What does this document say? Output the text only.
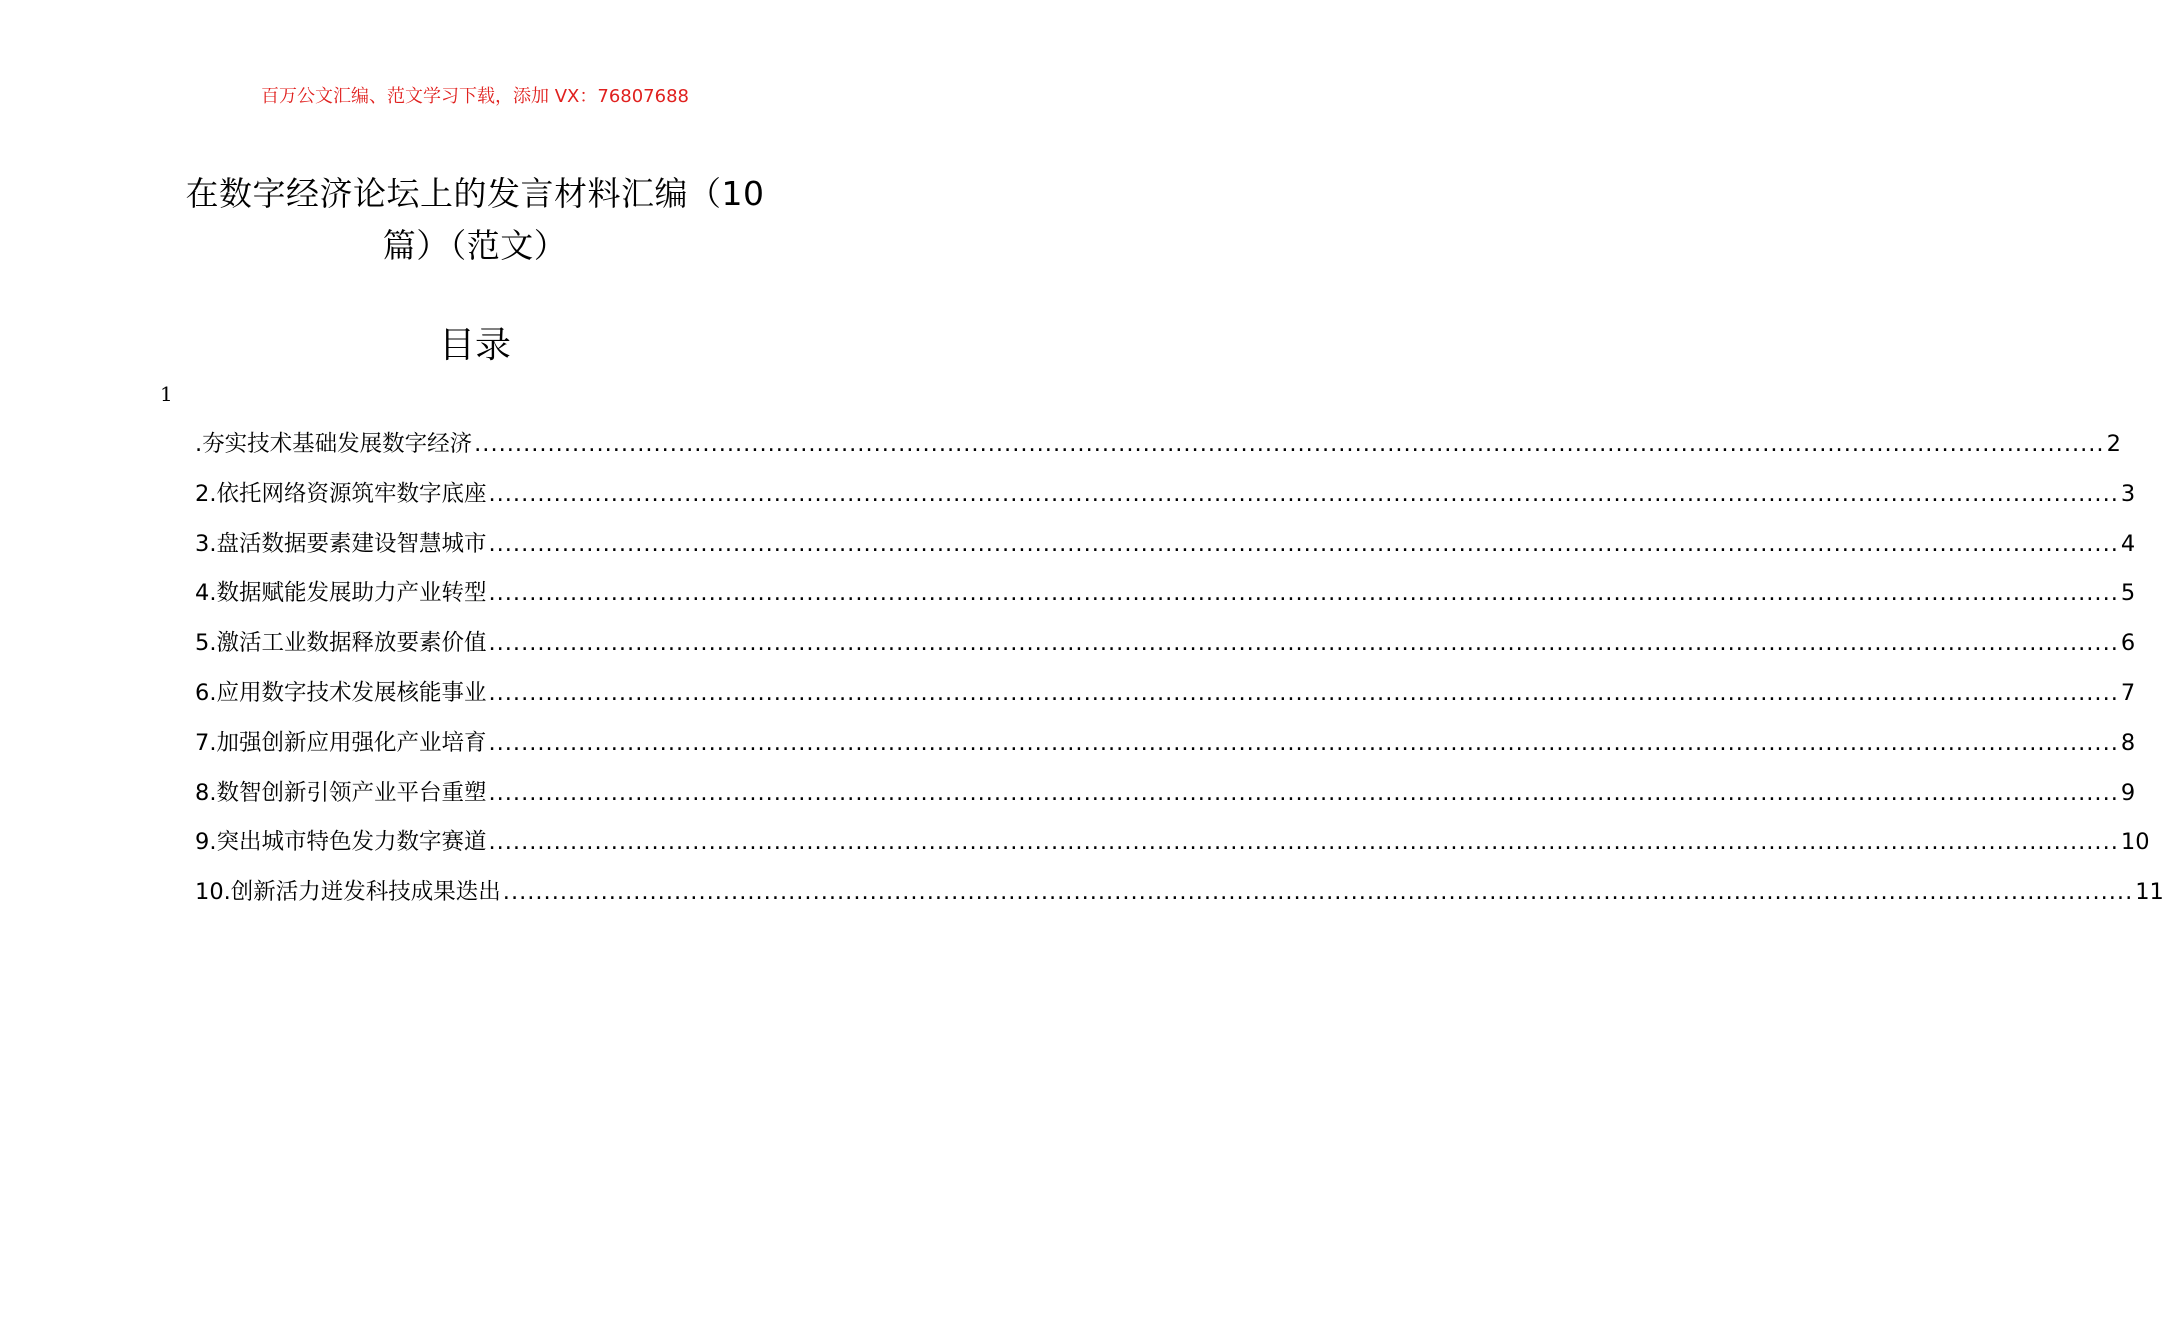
百万公文汇编、范文学习下载，添加 VX：76807688
在数字经济论坛上的发言材料汇编（10
篇）（范文）
目录
1
.夯实技术基础发展数字经济 ........................................................................................................................................................................................................ 2
2.依托网络资源筑牢数字底座 ........................................................................................................................................................................................................ 3
3.盘活数据要素建设智慧城市 ........................................................................................................................................................................................................ 4
4.数据赋能发展助力产业转型 ........................................................................................................................................................................................................ 5
5.激活工业数据释放要素价值 ........................................................................................................................................................................................................ 6
6.应用数字技术发展核能事业 ........................................................................................................................................................................................................ 7
7.加强创新应用强化产业培育 ........................................................................................................................................................................................................ 8
8.数智创新引领产业平台重塑 ........................................................................................................................................................................................................ 9
9.突出城市特色发力数字赛道 ........................................................................................................................................................................................................ 10
10.创新活力迸发科技成果迭出 ........................................................................................................................................................................................................ 11
